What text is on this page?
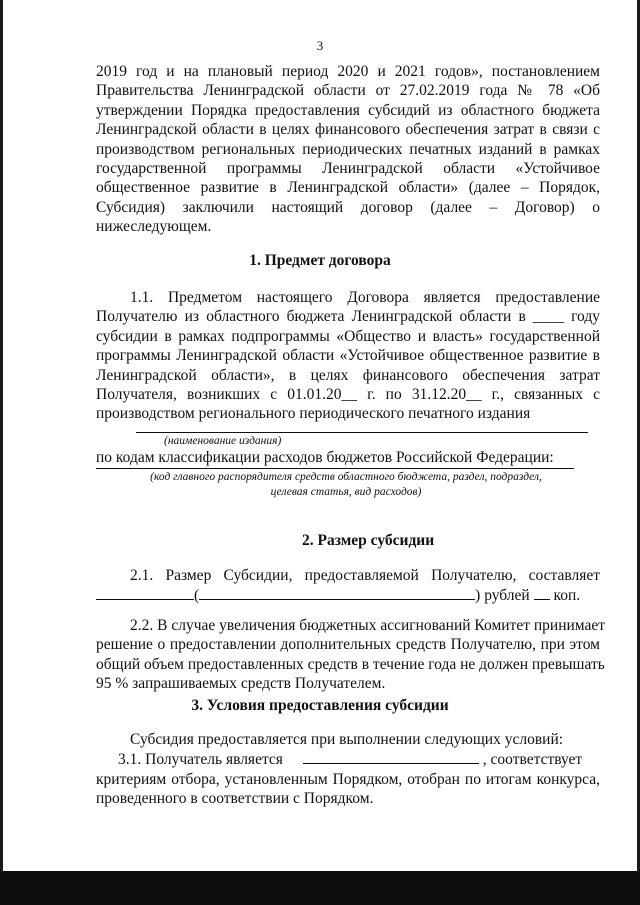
3
2019 год и на плановый период 2020 и 2021 годов», постановлением
Правительства Ленинградской области от 27.02.2019 года № 78 «Об
утверждении Порядка предоставления субсидий из областного бюджета
Ленинградской области в целях финансового обеспечения затрат в связи с
производством региональных периодических печатных изданий в рамках
государственной программы Ленинградской области «Устойчивое
общественное развитие в Ленинградской области» (далее – Порядок,
Субсидия) заключили настоящий договор (далее – Договор) о
нижеследующем.
1. Предмет договора
1.1. Предметом настоящего Договора является предоставление
Получателю из областного бюджета Ленинградской области в ____ году
субсидии в рамках подпрограммы «Общество и власть» государственной
программы Ленинградской области «Устойчивое общественное развитие в
Ленинградской области», в целях финансового обеспечения затрат
Получателя, возникших с 01.01.20__ г. по 31.12.20__ г., связанных с
производством регионального периодического печатного издания
(наименование издания)
по кодам классификации расходов бюджетов Российской Федерации:
(код главного распорядителя средств областного бюджета, раздел, подраздел,
целевая статья, вид расходов)
2. Размер субсидии
2.1. Размер Субсидии, предоставляемой Получателю, составляет
(	) рублей коп.
2.2. В случае увеличения бюджетных ассигнований Комитет принимает
решение о предоставлении дополнительных средств Получателю, при этом
общий объем предоставленных средств в течение года не должен превышать
95 % запрашиваемых средств Получателем.
3. Условия предоставления субсидии
Субсидия предоставляется при выполнении следующих условий:
3.1. Получатель является	, соответствует
критериям отбора, установленным Порядком, отобран по итогам конкурса,
проведенного в соответствии с Порядком.
